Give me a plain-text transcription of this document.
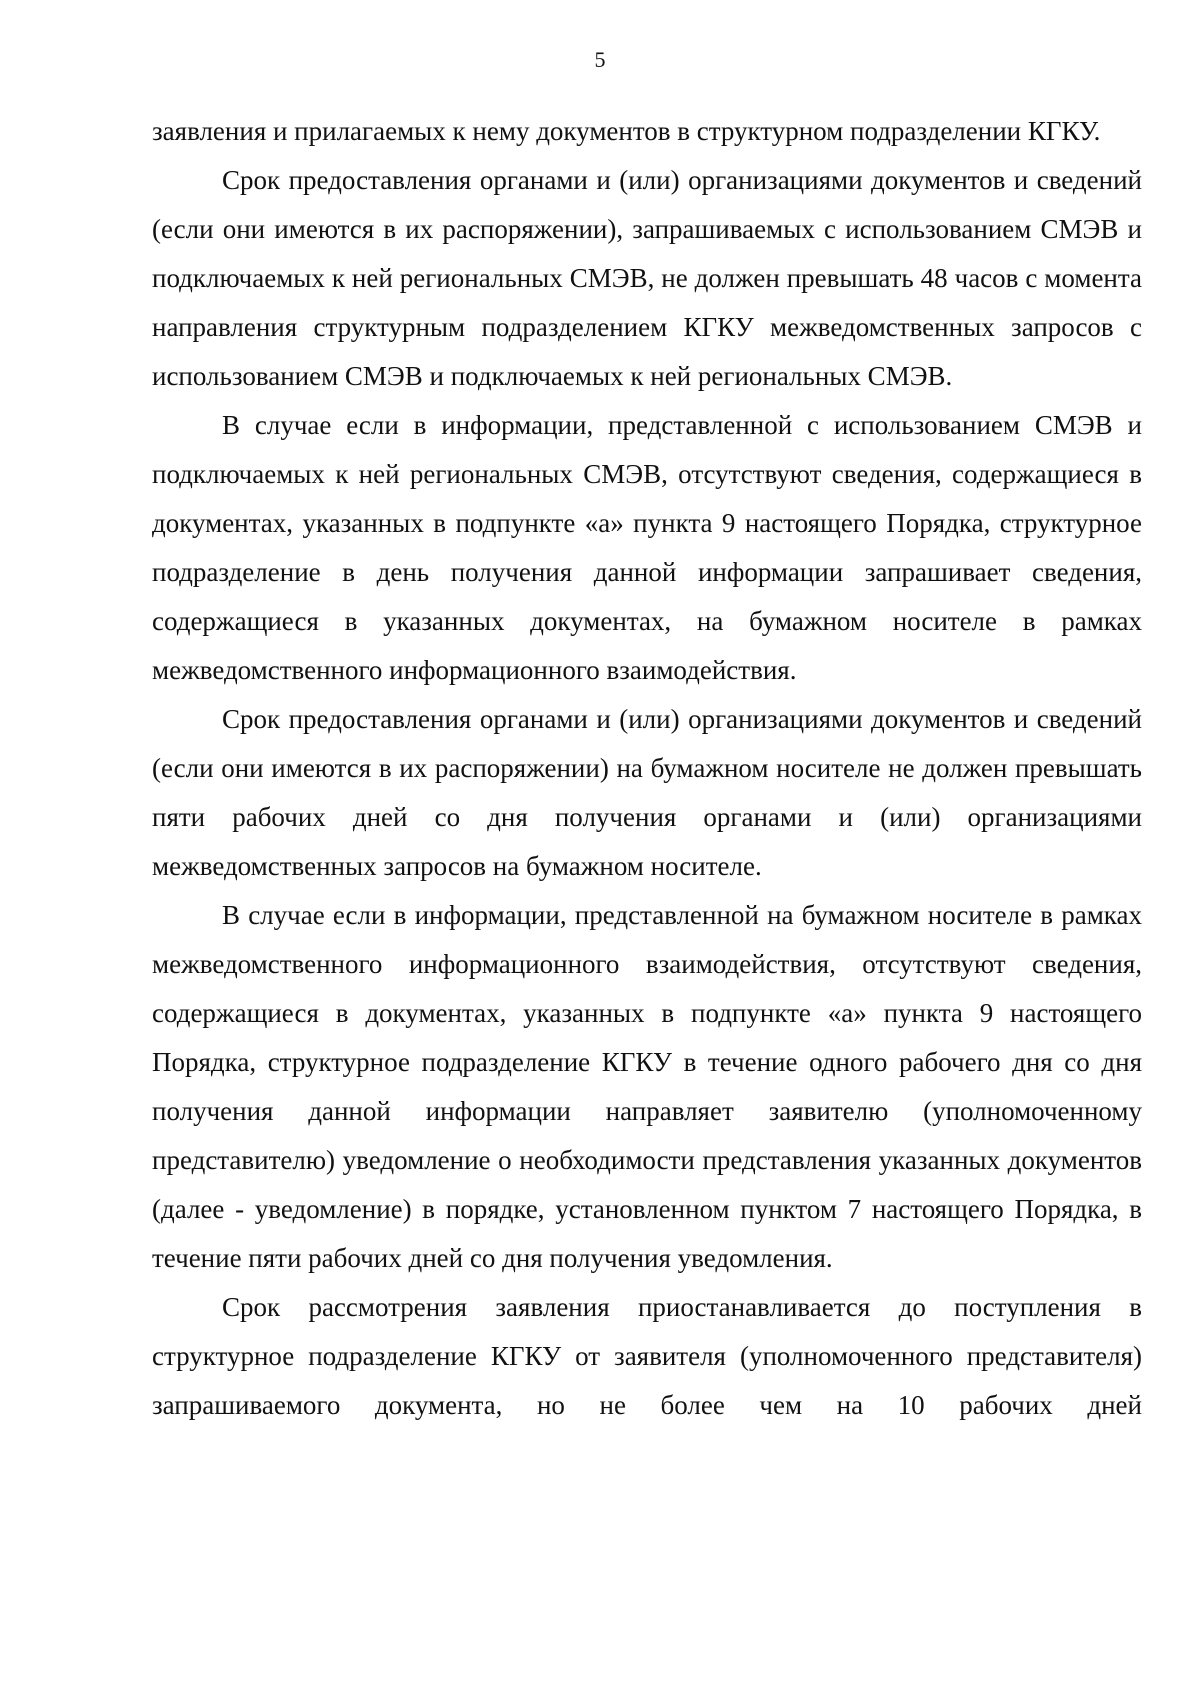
5

заявления и прилагаемых к нему документов в структурном подразделении КГКУ.

Срок предоставления органами и (или) организациями документов и сведений (если они имеются в их распоряжении), запрашиваемых с использованием СМЭВ и подключаемых к ней региональных СМЭВ, не должен превышать 48 часов с момента направления структурным подразделением КГКУ межведомственных запросов с использованием СМЭВ и подключаемых к ней региональных СМЭВ.

В случае если в информации, представленной с использованием СМЭВ и подключаемых к ней региональных СМЭВ, отсутствуют сведения, содержащиеся в документах, указанных в подпункте «а» пункта 9 настоящего Порядка, структурное подразделение в день получения данной информации запрашивает сведения, содержащиеся в указанных документах, на бумажном носителе в рамках межведомственного информационного взаимодействия.

Срок предоставления органами и (или) организациями документов и сведений (если они имеются в их распоряжении) на бумажном носителе не должен превышать пяти рабочих дней со дня получения органами и (или) организациями межведомственных запросов на бумажном носителе.

В случае если в информации, представленной на бумажном носителе в рамках межведомственного информационного взаимодействия, отсутствуют сведения, содержащиеся в документах, указанных в подпункте «а» пункта 9 настоящего Порядка, структурное подразделение КГКУ в течение одного рабочего дня со дня получения данной информации направляет заявителю (уполномоченному представителю) уведомление о необходимости представления указанных документов (далее - уведомление) в порядке, установленном пунктом 7 настоящего Порядка, в течение пяти рабочих дней со дня получения уведомления.

Срок рассмотрения заявления приостанавливается до поступления в структурное подразделение КГКУ от заявителя (уполномоченного представителя) запрашиваемого документа, но не более чем на 10 рабочих дней
